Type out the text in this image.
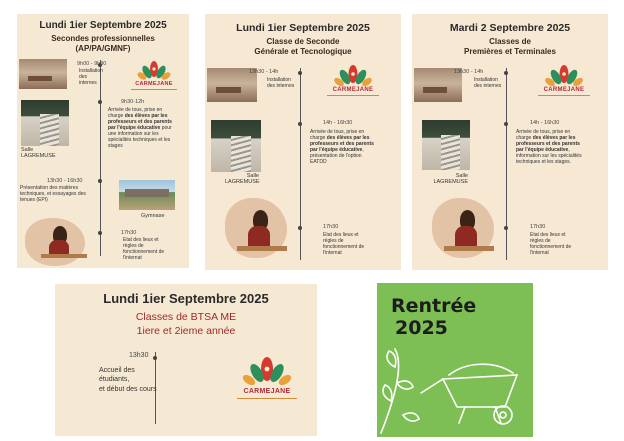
Lundi 1ier Septembre 2025
Secondes professionnelles
(AP/PA/GMNF)
9h00 - 9h30
Installation des internes	CARMEJANE
Salle LAGREMUSE
9h30-12h
Arrivée de tous, prise en charge des élèves par les professeurs et des parents par l'équipe éducative pour une information sur les spécialités techniques et les stages
13h30 - 16h30
Présentation des matières techniques, et essayages des tenues (EPI)
Gymnase
17h30
Etat des lieux et règles de fonctionnement de l'internat
Lundi 1ier Septembre 2025
Classe de Seconde
Générale et Tecnologique
13h30 - 14h
Installation des internes
CARMEJANE
Salle LAGREMUSE
14h - 16h30
Arrivée de tous, prise en charge des élèves par les professeurs et des parents par l'équipe éducative, présentation de l'option EATDD
17h30
Etat des lieux et règles de fonctionnement de l'internat
Mardi 2 Septembre 2025
Classes de
Premières et Terminales
13h30 - 14h
Installation des internes
CARMEJANE
Salle LAGREMUSE
14h - 16h30
Arrivée de tous, prise en charge des élèves par les professeurs et des parents par l'équipe éducative, information sur les spécialités techniques et les stages.
17h30
Etat des lieux et règles de fonctionnement de l'internat
Lundi 1ier Septembre 2025
Classes de BTSA ME
1iere et 2ieme année
13h30
Accueil des
étudiants,
et début des cours	CARMEJANE
Rentrée
2025
